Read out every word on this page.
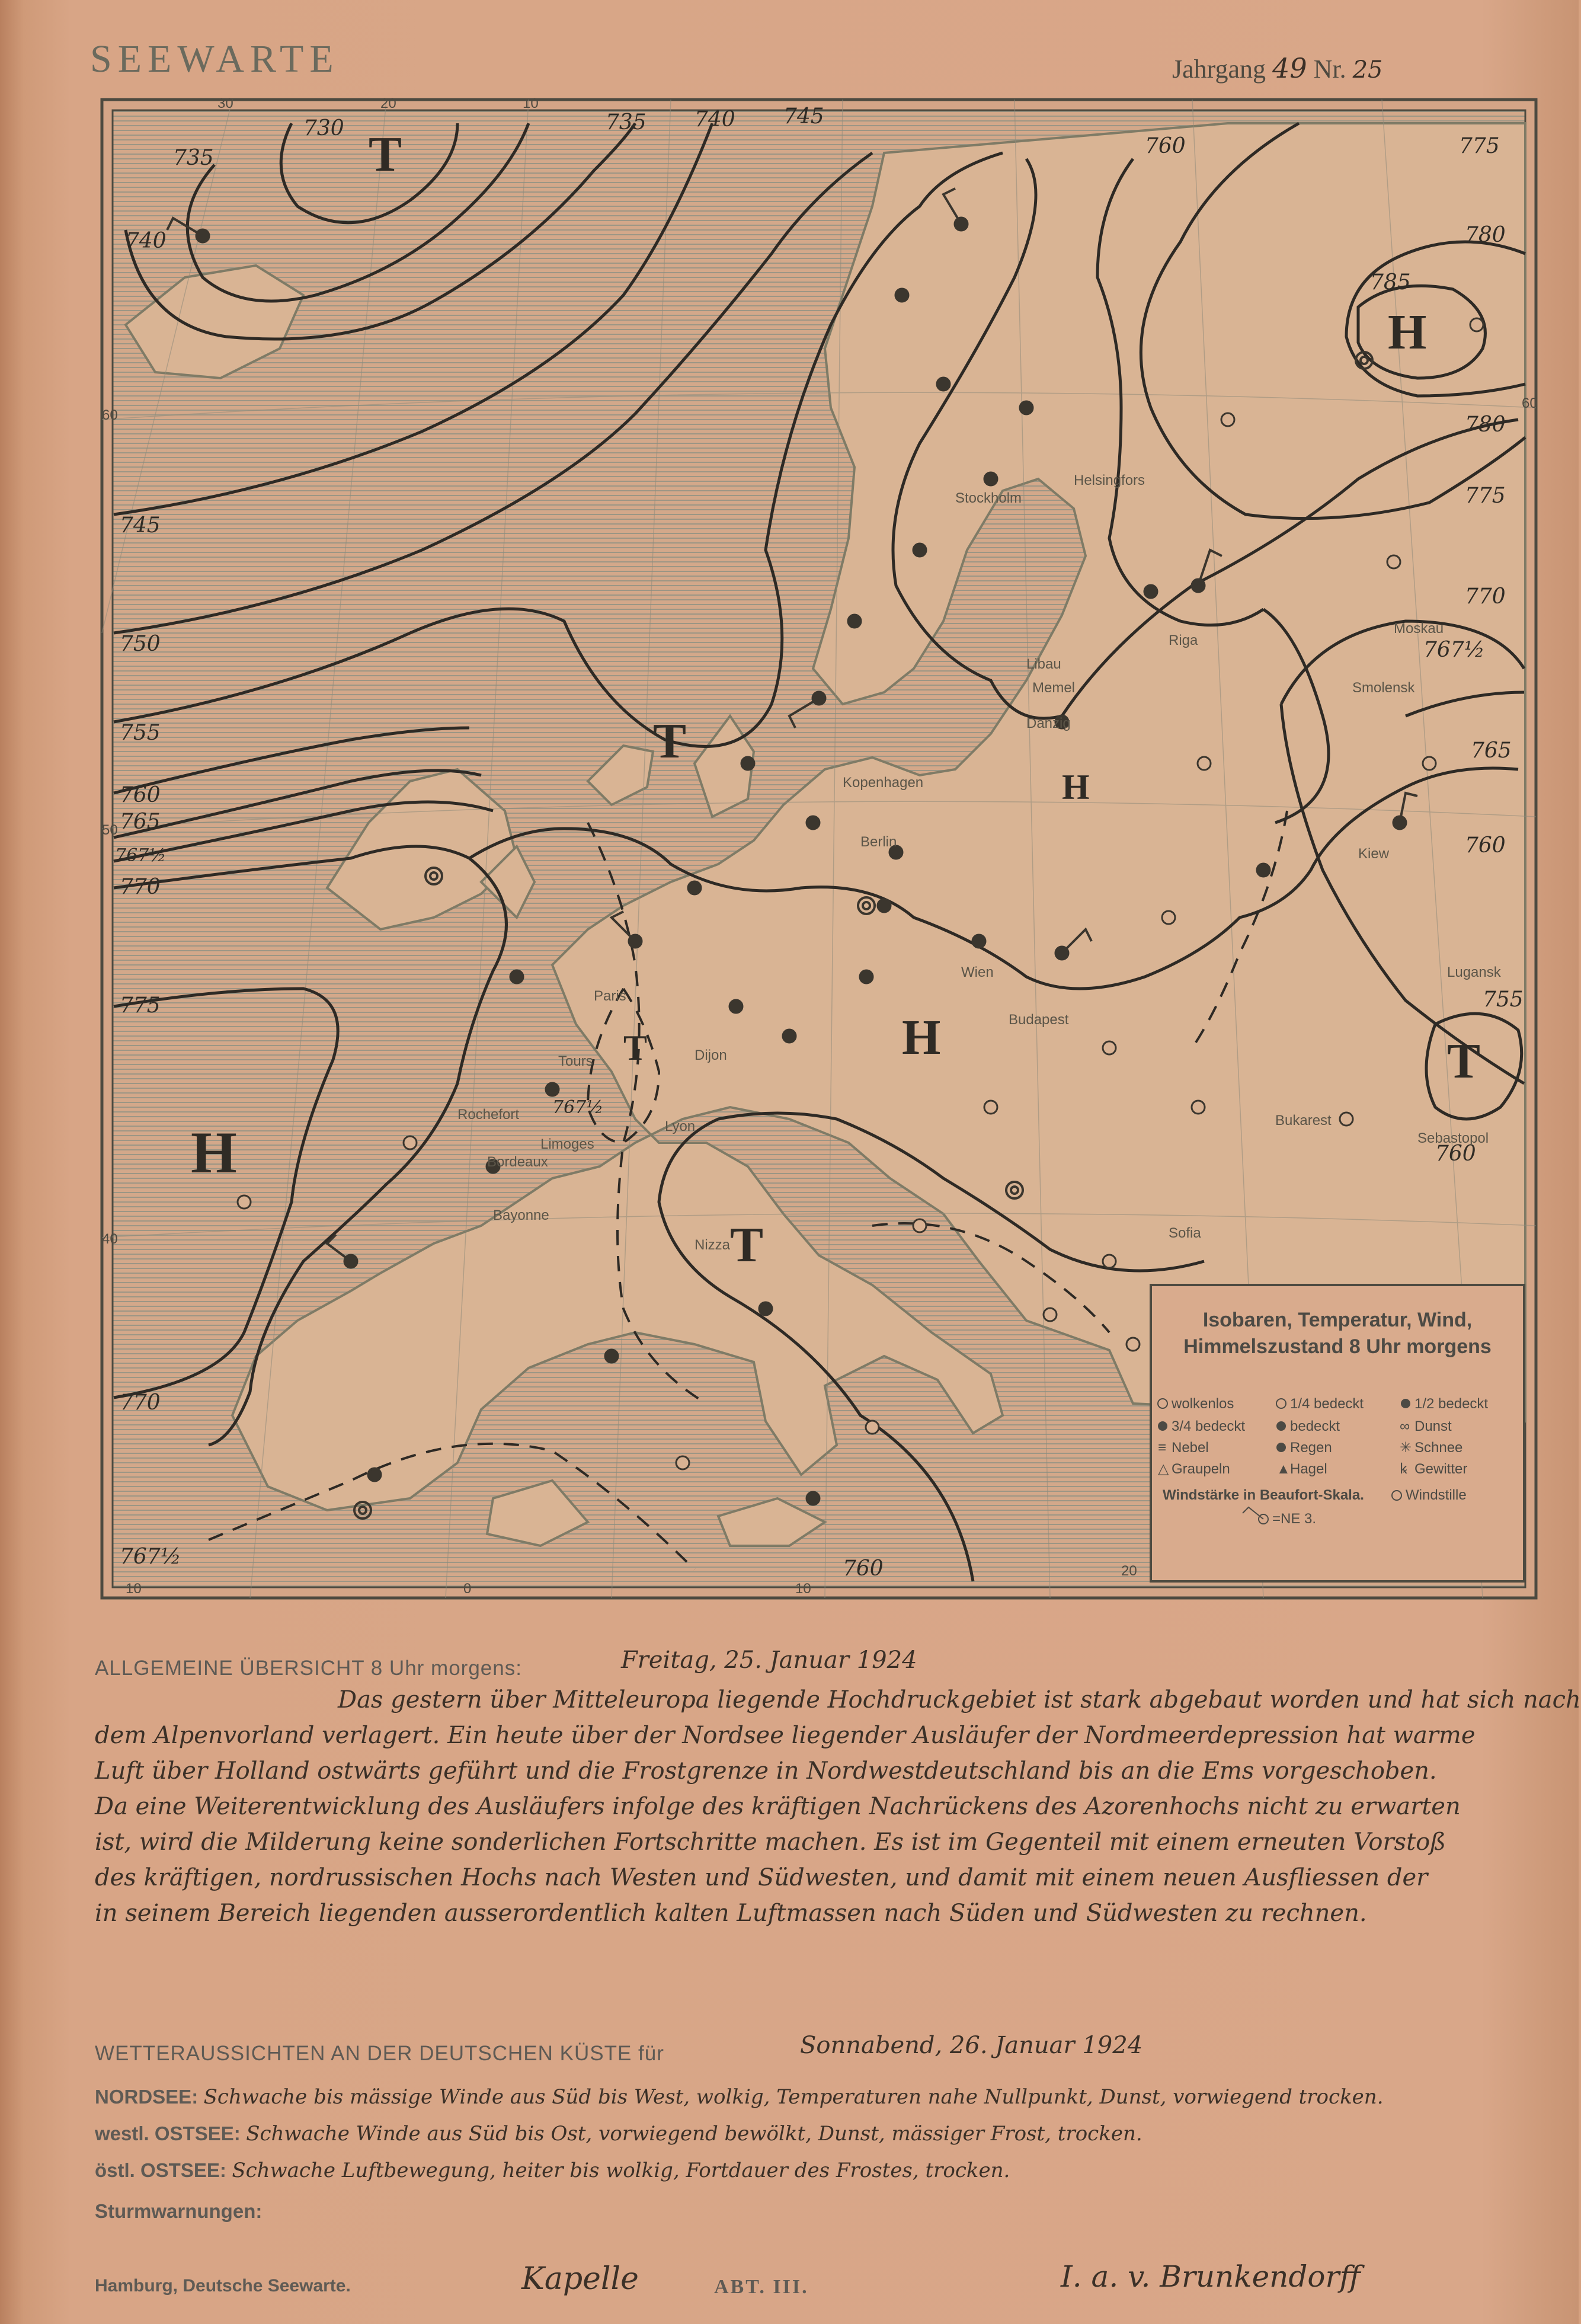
SEEWARTE	Jahrgang 49 Nr. 25
T
T
T
T
T
H
H
H
H
735
730
740
745
750
755
760
765
767½
770
775
770
767½	760
775
780
785
780
775
770
767½
765
760
755
760
760
745
740
735
767½
Riga
Memel
Libau
Danzig
Moskau
Smolensk
Kiew
Bukarest
Sofia
Paris
Tours
Limoges
Bayonne
Dijon
Lyon
Wien
Budapest
Berlin
Kopenhagen
Stockholm
Helsingfors
Bordeaux
Rochefort
Nizza
Lugansk
Sebastopol
30	20	10
0	10
20
10
60
50
40
60
Isobaren, Temperatur, Wind,
Himmelszustand 8 Uhr morgens
wolkenlos	1/4 bedeckt	1/2 bedeckt
3/4 bedeckt	bedeckt	∞ Dunst
≡ Nebel	Regen	✳ Schnee
△ Graupeln	▲ Hagel	ꝃ Gewitter
Windstärke in Beaufort-Skala.	Windstille
=NE 3.
ALLGEMEINE ÜBERSICHT 8 Uhr morgens:	Freitag, 25. Januar 1924
Das gestern über Mitteleuropa liegende Hochdruckgebiet ist stark abgebaut worden und hat sich nach
dem Alpenvorland verlagert. Ein heute über der Nordsee liegender Ausläufer der Nordmeerdepression hat warme
Luft über Holland ostwärts geführt und die Frostgrenze in Nordwestdeutschland bis an die Ems vorgeschoben.
Da eine Weiterentwicklung des Ausläufers infolge des kräftigen Nachrückens des Azorenhochs nicht zu erwarten
ist, wird die Milderung keine sonderlichen Fortschritte machen. Es ist im Gegenteil mit einem erneuten Vorstoß
des kräftigen, nordrussischen Hochs nach Westen und Südwesten, und damit mit einem neuen Ausfliessen der
in seinem Bereich liegenden ausserordentlich kalten Luftmassen nach Süden und Südwesten zu rechnen.
WETTERAUSSICHTEN AN DER DEUTSCHEN KÜSTE für	Sonnabend, 26. Januar 1924
NORDSEE: Schwache bis mässige Winde aus Süd bis West, wolkig, Temperaturen nahe Nullpunkt, Dunst, vorwiegend trocken.
westl. OSTSEE: Schwache Winde aus Süd bis Ost, vorwiegend bewölkt, Dunst, mässiger Frost, trocken.
östl. OSTSEE: Schwache Luftbewegung, heiter bis wolkig, Fortdauer des Frostes, trocken.
Sturmwarnungen:
Hamburg, Deutsche Seewarte.	Kapelle	ABT. III.	I. a. v. Brunkendorff
